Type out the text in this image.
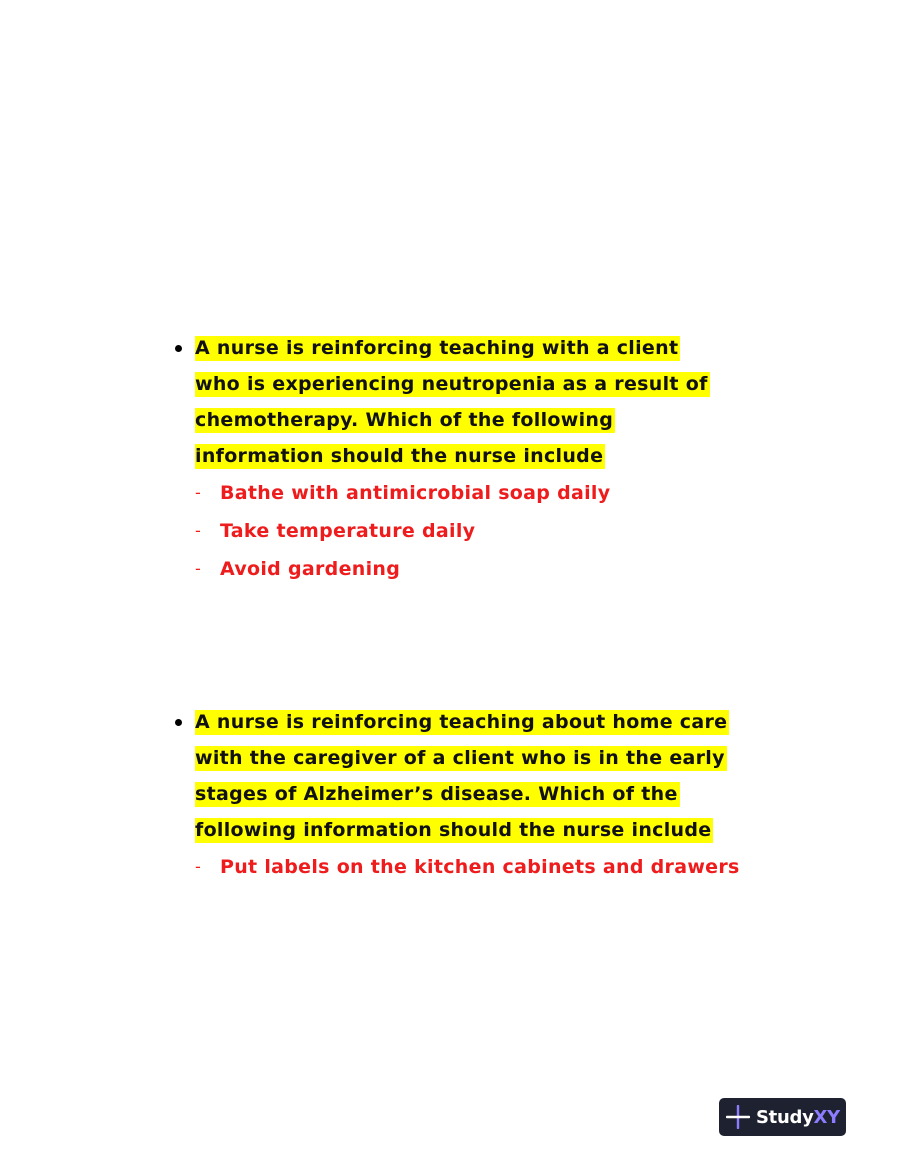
A nurse is reinforcing teaching with a client
who is experiencing neutropenia as a result of
chemotherapy. Which of the following
information should the nurse include
- Bathe with antimicrobial soap daily
- Take temperature daily
- Avoid gardening
A nurse is reinforcing teaching about home care
with the caregiver of a client who is in the early
stages of Alzheimer’s disease. Which of the
following information should the nurse include
- Put labels on the kitchen cabinets and drawers
StudyXY
